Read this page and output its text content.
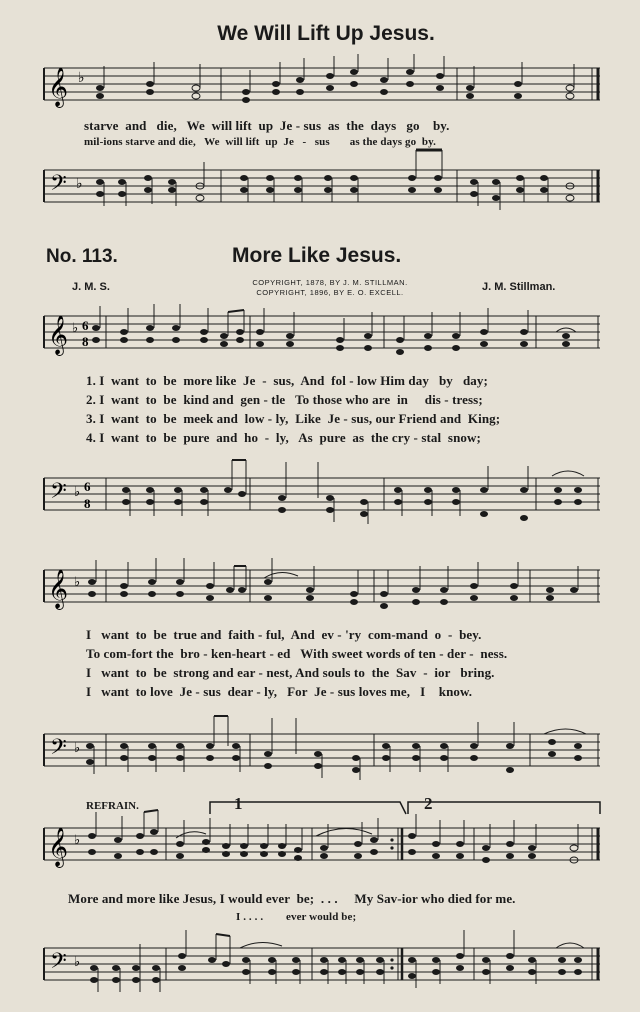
We Will Lift Up Jesus.
𝄞 ♭
starve  and   die,   We  will lift  up  Je - sus  as  the  days   go    by.
mil-ions starve and die,   We  will lift  up  Je   -   sus       as the days go  by.
𝄢 ♭
No. 113.	More Like Jesus.
J. M. S.	COPYRIGHT, 1878, BY J. M. STILLMAN.
COPYRIGHT, 1896, BY E. O. EXCELL.	J. M. Stillman.
𝄞 ♭ 6
8
1. I  want  to  be  more like  Je  -  sus,  And  fol - low Him day   by   day;
2. I  want  to  be  kind and  gen - tle   To those who are  in     dis - tress;
3. I  want  to  be  meek and  low - ly,  Like  Je - sus, our Friend and  King;
4. I  want  to  be  pure  and  ho  -  ly,   As  pure  as  the cry - stal  snow;
𝄢 ♭ 6
8
𝄞 ♭
I   want  to  be  true and  faith - ful,  And  ev - 'ry  com-mand  o  -  bey.
To com-fort the  bro - ken-heart - ed   With sweet words of ten - der -  ness.
I   want  to  be  strong and ear - nest, And souls to  the  Sav  -  ior   bring.
I   want  to love  Je - sus  dear - ly,   For  Je - sus loves me,   I    know.
𝄢 ♭
REFRAIN.	1	2
𝄞 ♭
More and more like Jesus, I would ever  be;  . . .     My Sav-ior who died for me.
I . . . .        ever would be;
𝄢 ♭
